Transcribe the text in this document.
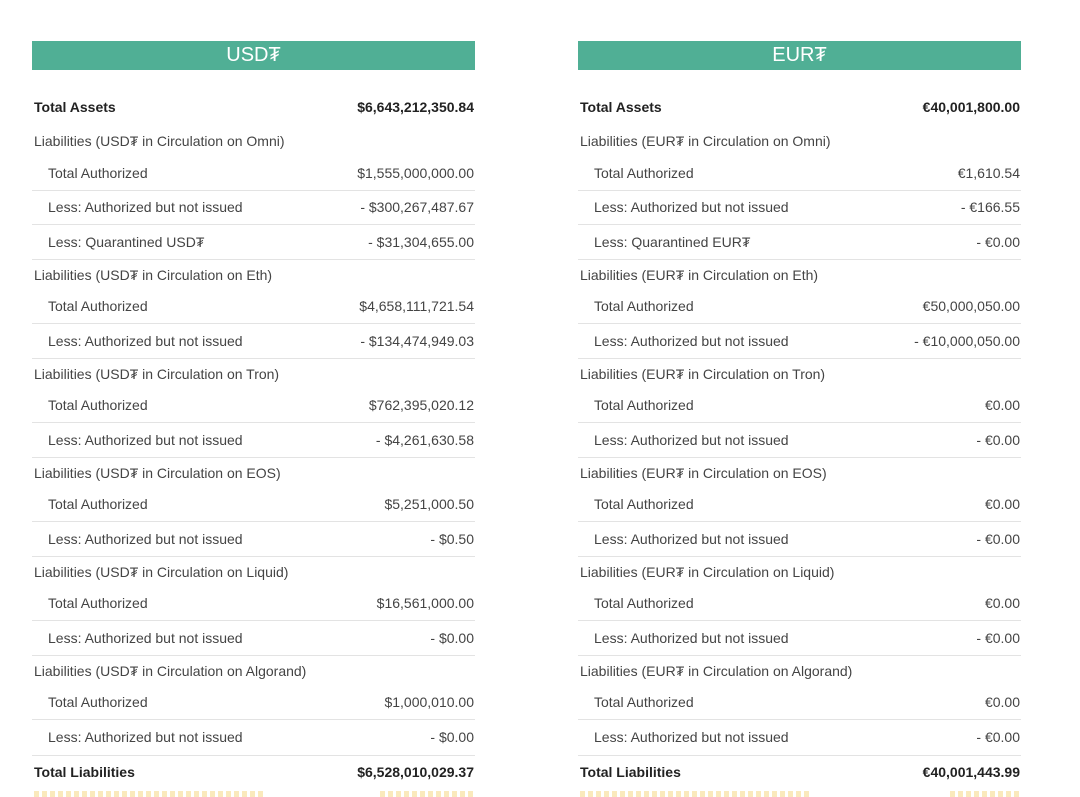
USD₮
Total Assets	$6,643,212,350.84
Liabilities (USD₮ in Circulation on Omni)
Total Authorized	$1,555,000,000.00
Less: Authorized but not issued	- $300,267,487.67
Less: Quarantined USD₮	- $31,304,655.00
Liabilities (USD₮ in Circulation on Eth)
Total Authorized	$4,658,111,721.54
Less: Authorized but not issued	- $134,474,949.03
Liabilities (USD₮ in Circulation on Tron)
Total Authorized	$762,395,020.12
Less: Authorized but not issued	- $4,261,630.58
Liabilities (USD₮ in Circulation on EOS)
Total Authorized	$5,251,000.50
Less: Authorized but not issued	- $0.50
Liabilities (USD₮ in Circulation on Liquid)
Total Authorized	$16,561,000.00
Less: Authorized but not issued	- $0.00
Liabilities (USD₮ in Circulation on Algorand)
Total Authorized	$1,000,010.00
Less: Authorized but not issued	- $0.00
Total Liabilities	$6,528,010,029.37
EUR₮
Total Assets	€40,001,800.00
Liabilities (EUR₮ in Circulation on Omni)
Total Authorized	€1,610.54
Less: Authorized but not issued	- €166.55
Less: Quarantined EUR₮	- €0.00
Liabilities (EUR₮ in Circulation on Eth)
Total Authorized	€50,000,050.00
Less: Authorized but not issued	- €10,000,050.00
Liabilities (EUR₮ in Circulation on Tron)
Total Authorized	€0.00
Less: Authorized but not issued	- €0.00
Liabilities (EUR₮ in Circulation on EOS)
Total Authorized	€0.00
Less: Authorized but not issued	- €0.00
Liabilities (EUR₮ in Circulation on Liquid)
Total Authorized	€0.00
Less: Authorized but not issued	- €0.00
Liabilities (EUR₮ in Circulation on Algorand)
Total Authorized	€0.00
Less: Authorized but not issued	- €0.00
Total Liabilities	€40,001,443.99
